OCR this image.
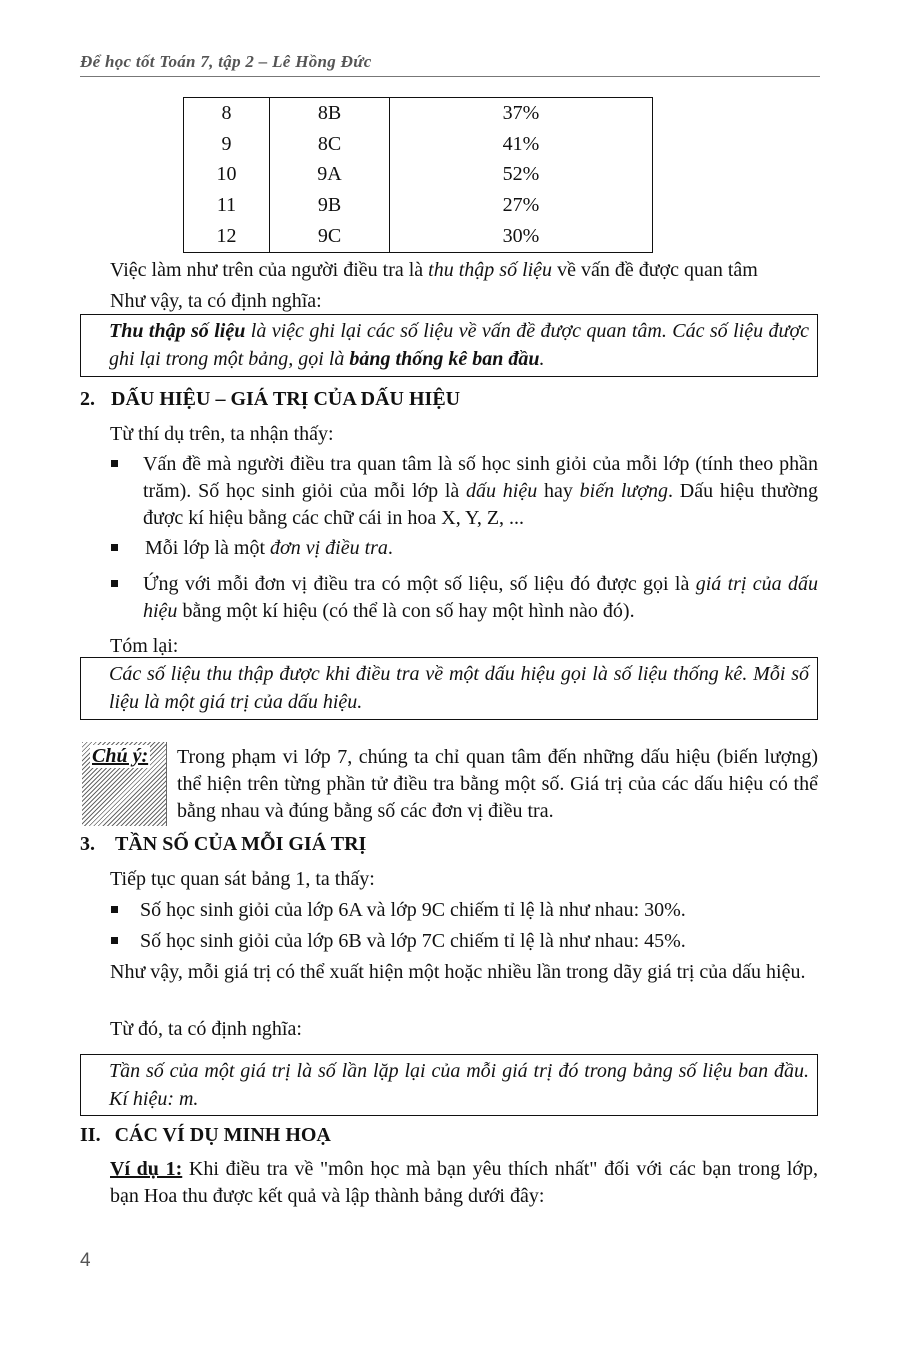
Để học tốt Toán 7, tập 2 – Lê Hồng Đức
8	8B	37%
9	8C	41%
10	9A	52%
11	9B	27%
12	9C	30%
Việc làm như trên của người điều tra là thu thập số liệu về vấn đề được quan tâm
Như vậy, ta có định nghĩa:
Thu thập số liệu là việc ghi lại các số liệu về vấn đề được quan tâm. Các số liệu được ghi lại trong một bảng, gọi là bảng thống kê ban đầu.
2. DẤU HIỆU – GIÁ TRỊ CỦA DẤU HIỆU
Từ thí dụ trên, ta nhận thấy:
Vấn đề mà người điều tra quan tâm là số học sinh giỏi của mỗi lớp (tính theo phần trăm). Số học sinh giỏi của mỗi lớp là dấu hiệu hay biến lượng. Dấu hiệu thường được kí hiệu bằng các chữ cái in hoa X, Y, Z, ...
Mỗi lớp là một đơn vị điều tra.
Ứng với mỗi đơn vị điều tra có một số liệu, số liệu đó được gọi là giá trị của dấu hiệu bằng một kí hiệu (có thể là con số hay một hình nào đó).
Tóm lại:
Các số liệu thu thập được khi điều tra về một dấu hiệu gọi là số liệu thống kê. Mỗi số liệu là một giá trị của dấu hiệu.
Chú ý: Trong phạm vi lớp 7, chúng ta chỉ quan tâm đến những dấu hiệu (biến lượng) thể hiện trên từng phần tử điều tra bằng một số. Giá trị của các dấu hiệu có thể bằng nhau và đúng bằng số các đơn vị điều tra.
3. TẦN SỐ CỦA MỖI GIÁ TRỊ
Tiếp tục quan sát bảng 1, ta thấy:
Số học sinh giỏi của lớp 6A và lớp 9C chiếm tỉ lệ là như nhau: 30%.
Số học sinh giỏi của lớp 6B và lớp 7C chiếm tỉ lệ là như nhau: 45%.
Như vậy, mỗi giá trị có thể xuất hiện một hoặc nhiều lần trong dãy giá trị của dấu hiệu.
Từ đó, ta có định nghĩa:
Tần số của một giá trị là số lần lặp lại của mỗi giá trị đó trong bảng số liệu ban đầu. Kí hiệu: m.
II. CÁC VÍ DỤ MINH HOẠ
Ví dụ 1: Khi điều tra về "môn học mà bạn yêu thích nhất" đối với các bạn trong lớp, bạn Hoa thu được kết quả và lập thành bảng dưới đây:
4
